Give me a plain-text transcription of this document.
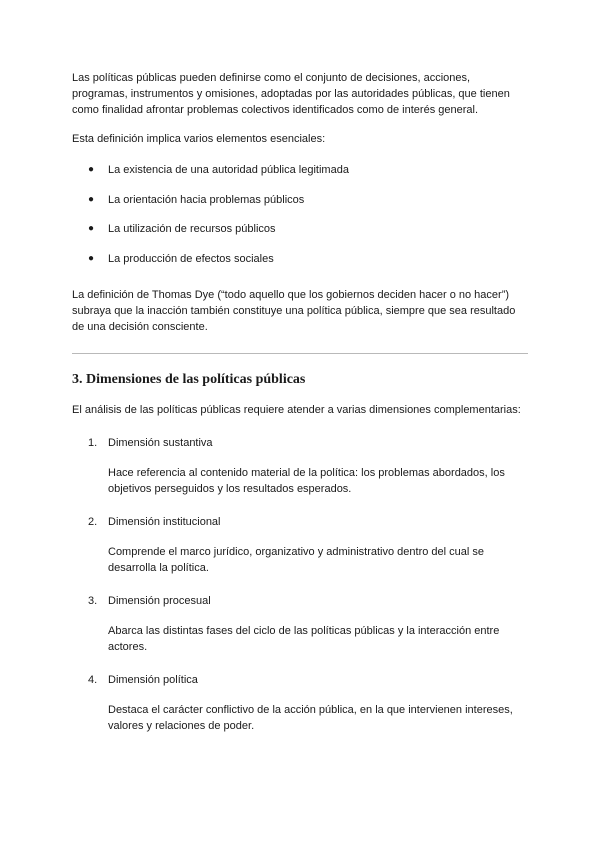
Las políticas públicas pueden definirse como el conjunto de decisiones, acciones, programas, instrumentos y omisiones, adoptadas por las autoridades públicas, que tienen como finalidad afrontar problemas colectivos identificados como de interés general.

Esta definición implica varios elementos esenciales:

● La existencia de una autoridad pública legitimada
● La orientación hacia problemas públicos
● La utilización de recursos públicos
● La producción de efectos sociales

La definición de Thomas Dye (“todo aquello que los gobiernos deciden hacer o no hacer”) subraya que la inacción también constituye una política pública, siempre que sea resultado de una decisión consciente.

3. Dimensiones de las políticas públicas

El análisis de las políticas públicas requiere atender a varias dimensiones complementarias:

1. Dimensión sustantiva
Hace referencia al contenido material de la política: los problemas abordados, los objetivos perseguidos y los resultados esperados.
2. Dimensión institucional
Comprende el marco jurídico, organizativo y administrativo dentro del cual se desarrolla la política.
3. Dimensión procesual
Abarca las distintas fases del ciclo de las políticas públicas y la interacción entre actores.
4. Dimensión política
Destaca el carácter conflictivo de la acción pública, en la que intervienen intereses, valores y relaciones de poder.
